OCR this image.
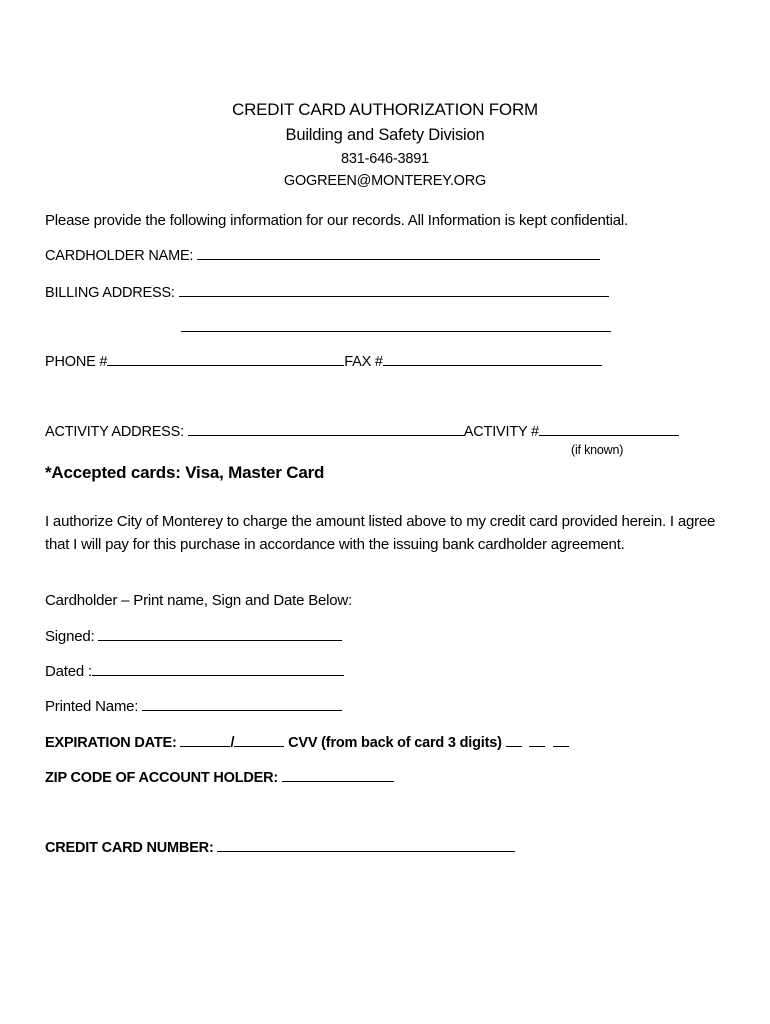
CREDIT CARD AUTHORIZATION FORM
Building and Safety Division
831-646-3891
GOGREEN@MONTEREY.ORG
Please provide the following information for our records. All Information is kept confidential.
CARDHOLDER NAME:
BILLING ADDRESS:
PHONE #	FAX #
ACTIVITY ADDRESS:	ACTIVITY #
(if known)
*Accepted cards: Visa, Master Card

I authorize City of Monterey to charge the amount listed above to my credit card provided herein. I agree that I will pay for this purchase in accordance with the issuing bank cardholder agreement.

Cardholder – Print name, Sign and Date Below:
Signed:
Dated :
Printed Name:
EXPIRATION DATE:	/	CVV (from back of card 3 digits)
ZIP CODE OF ACCOUNT HOLDER:
CREDIT CARD NUMBER:
